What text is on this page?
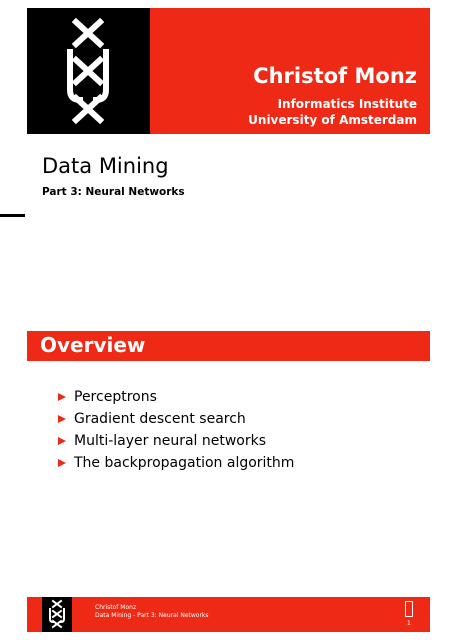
Christof Monz
Informatics Institute
University of Amsterdam
Data Mining
Part 3: Neural Networks
Overview
Perceptrons
Gradient descent search
Multi-layer neural networks
The backpropagation algorithm
Christof Monz
Data Mining - Part 3: Neural Networks
1
